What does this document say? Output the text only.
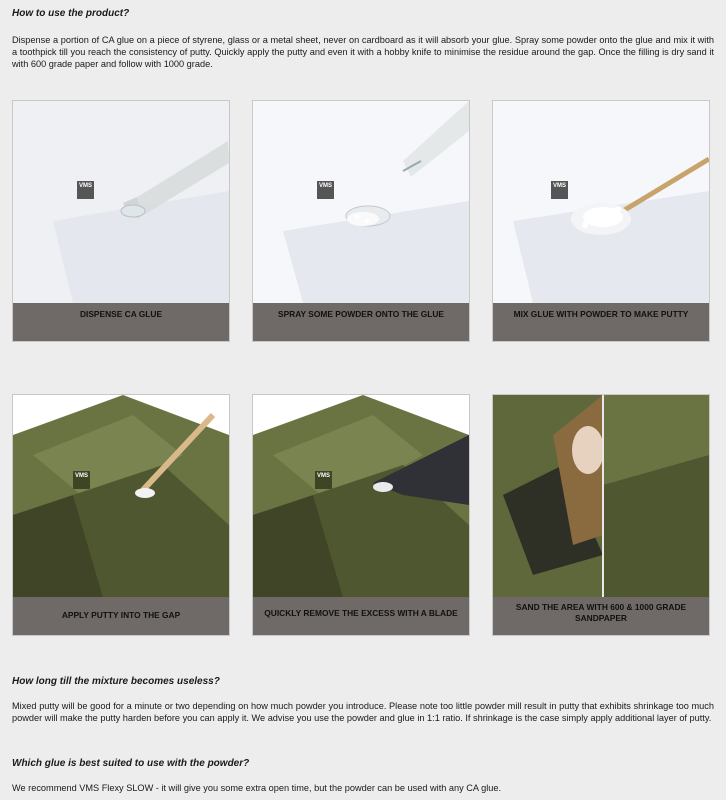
How to use the product?

Dispense a portion of CA glue on a piece of styrene, glass or a metal sheet, never on cardboard as it will absorb your glue. Spray some powder onto the glue and mix it with a toothpick till you reach the consistency of putty. Quickly apply the putty and even it with a hobby knife to minimise the residue around the gap. Once the filling is dry sand it with 600 grade paper and follow with 1000 grade.

VMS

DISPENSE CA GLUE
VMS

SPRAY SOME POWDER ONTO THE GLUE
VMS

MIX GLUE WITH POWDER TO MAKE PUTTY
VMS

APPLY PUTTY INTO THE GAP
VMS

QUICKLY REMOVE THE EXCESS WITH A BLADE
SAND THE AREA WITH 600 & 1000 GRADE SANDPAPER
How long till the mixture becomes useless?

Mixed putty will be good for a minute or two depending on how much powder you introduce. Please note too little powder mill result in putty that exhibits shrinkage too much powder will make the putty harden before you can apply it. We advise you use the powder and glue in 1:1 ratio. If shrinkage is the case simply apply additional layer of putty.

Which glue is best suited to use with the powder?

We recommend VMS Flexy SLOW - it will give you some extra open time, but the powder can be used with any CA glue.
